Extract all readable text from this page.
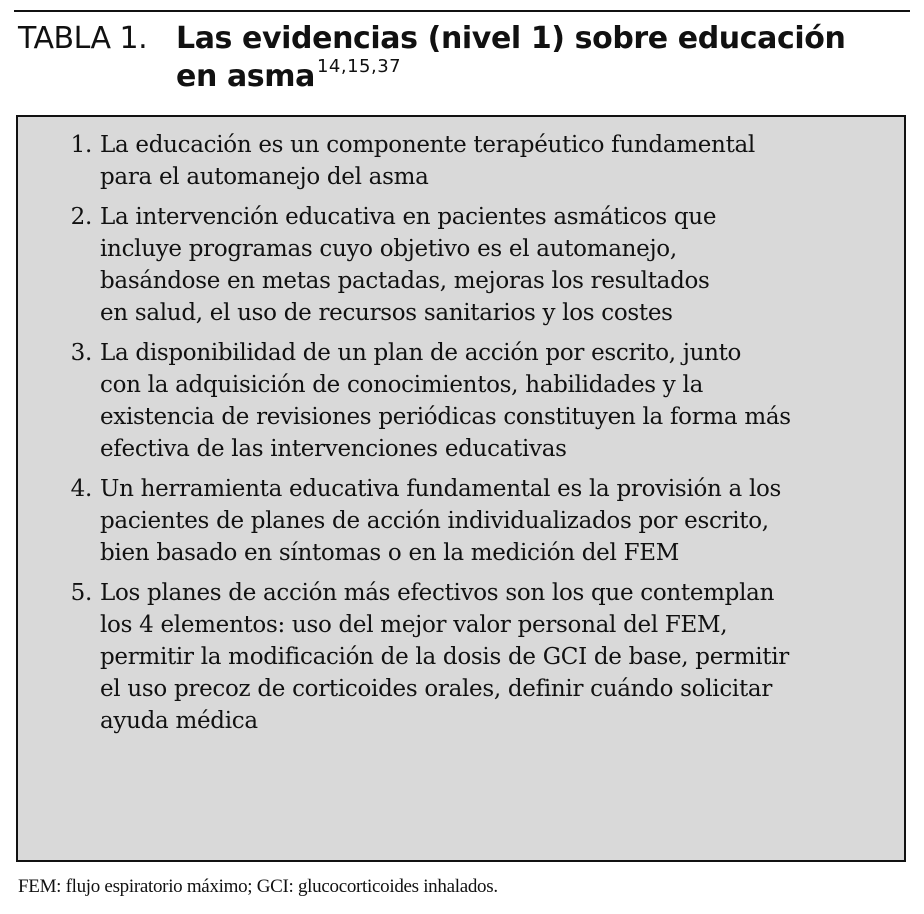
TABLA 1. Las evidencias (nivel 1) sobre educación
en asma 14,15,37
1. La educación es un componente terapéutico fundamental
para el automanejo del asma
2. La intervención educativa en pacientes asmáticos que
incluye programas cuyo objetivo es el automanejo,
basándose en metas pactadas, mejoras los resultados
en salud, el uso de recursos sanitarios y los costes
3. La disponibilidad de un plan de acción por escrito, junto
con la adquisición de conocimientos, habilidades y la
existencia de revisiones periódicas constituyen la forma más
efectiva de las intervenciones educativas
4. Un herramienta educativa fundamental es la provisión a los
pacientes de planes de acción individualizados por escrito,
bien basado en síntomas o en la medición del FEM
5. Los planes de acción más efectivos son los que contemplan
los 4 elementos: uso del mejor valor personal del FEM,
permitir la modificación de la dosis de GCI de base, permitir
el uso precoz de corticoides orales, definir cuándo solicitar
ayuda médica
FEM: flujo espiratorio máximo; GCI: glucocorticoides inhalados.
